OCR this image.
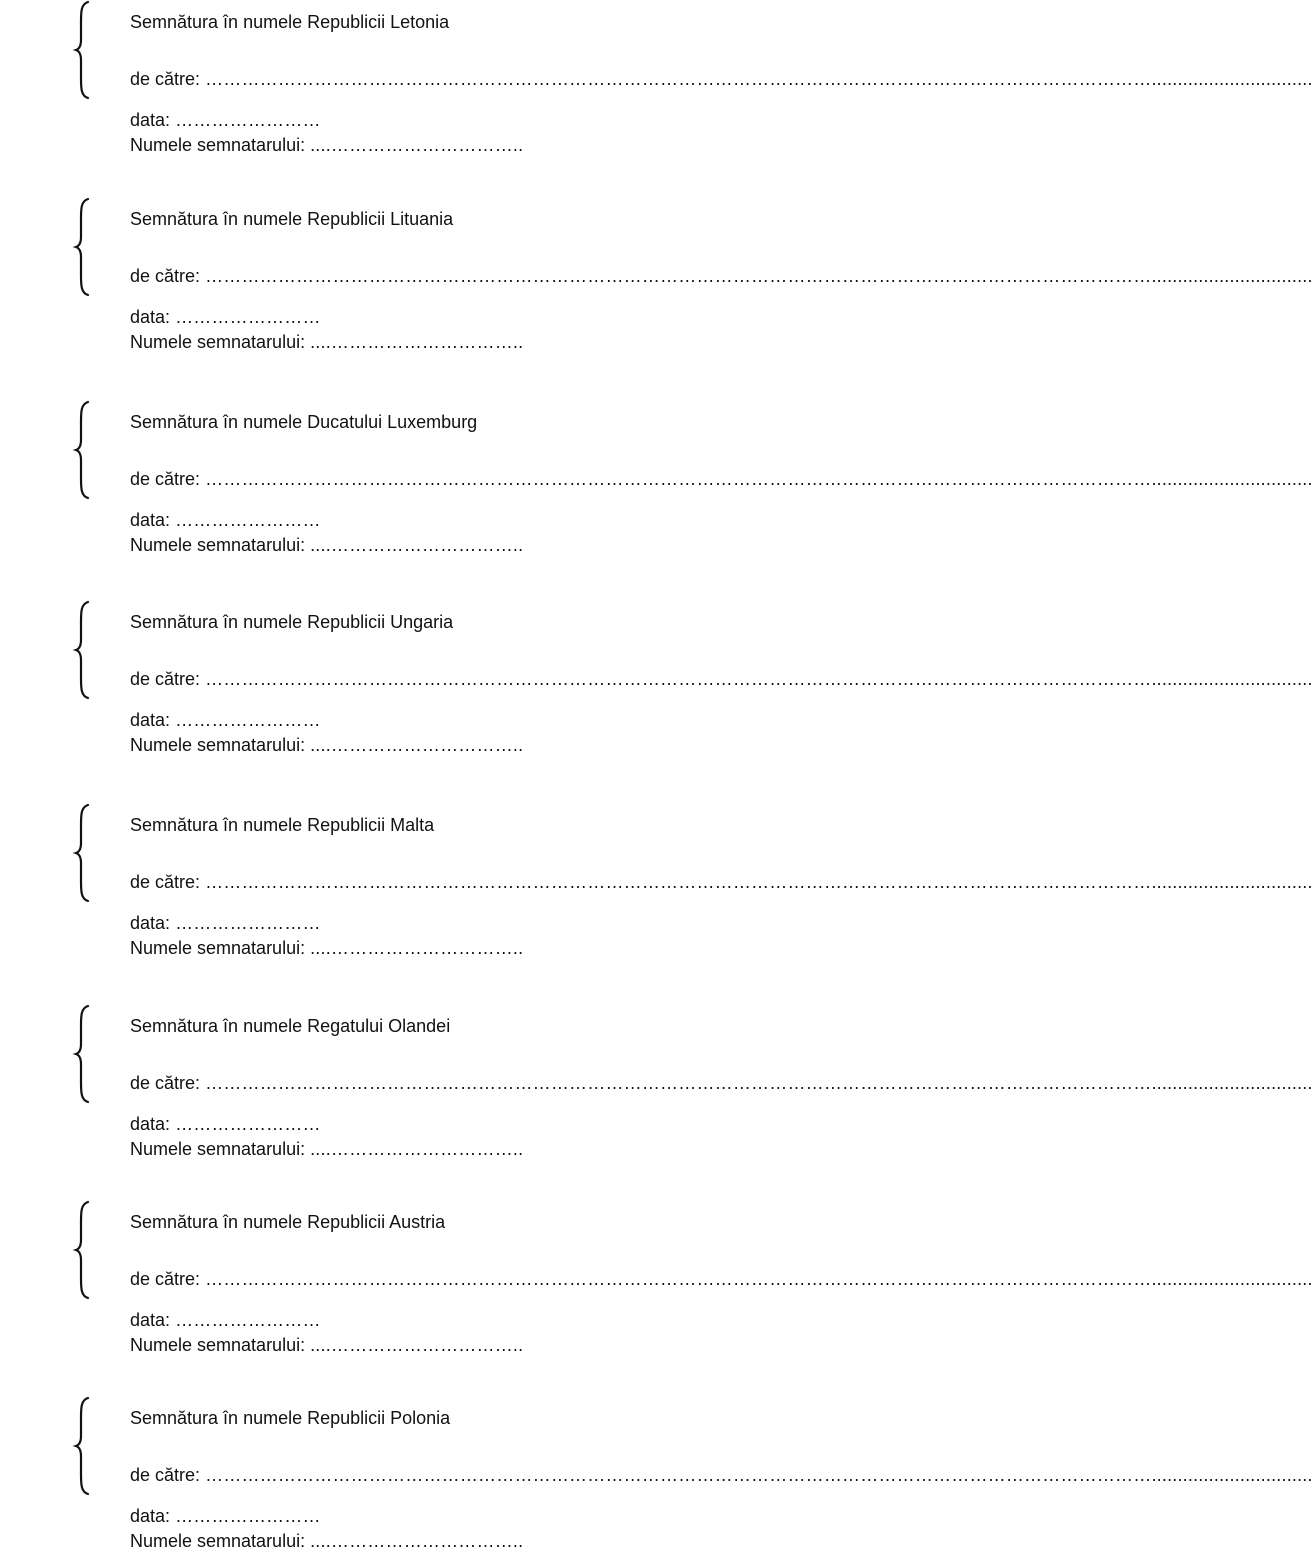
Semnătura în numele Republicii Letonia
de către: …………………………………………………………………………………………………………………………………………...............................
data: ……………………
Numele semnatarului: ....…………………………..
Semnătura în numele Republicii Lituania
de către: …………………………………………………………………………………………………………………………………………...............................
data: ……………………
Numele semnatarului: ....…………………………..
Semnătura în numele Ducatului Luxemburg
de către: …………………………………………………………………………………………………………………………………………...............................
data: ……………………
Numele semnatarului: ....…………………………..
Semnătura în numele Republicii Ungaria
de către: …………………………………………………………………………………………………………………………………………...............................
data: ……………………
Numele semnatarului: ....…………………………..
Semnătura în numele Republicii Malta
de către: …………………………………………………………………………………………………………………………………………...............................
data: ……………………
Numele semnatarului: ....…………………………..
Semnătura în numele Regatului Olandei
de către: …………………………………………………………………………………………………………………………………………...............................
data: ……………………
Numele semnatarului: ....…………………………..
Semnătura în numele Republicii Austria
de către: …………………………………………………………………………………………………………………………………………...............................
data: ……………………
Numele semnatarului: ....…………………………..
Semnătura în numele Republicii Polonia
de către: …………………………………………………………………………………………………………………………………………...............................
data: ……………………
Numele semnatarului: ....…………………………..
